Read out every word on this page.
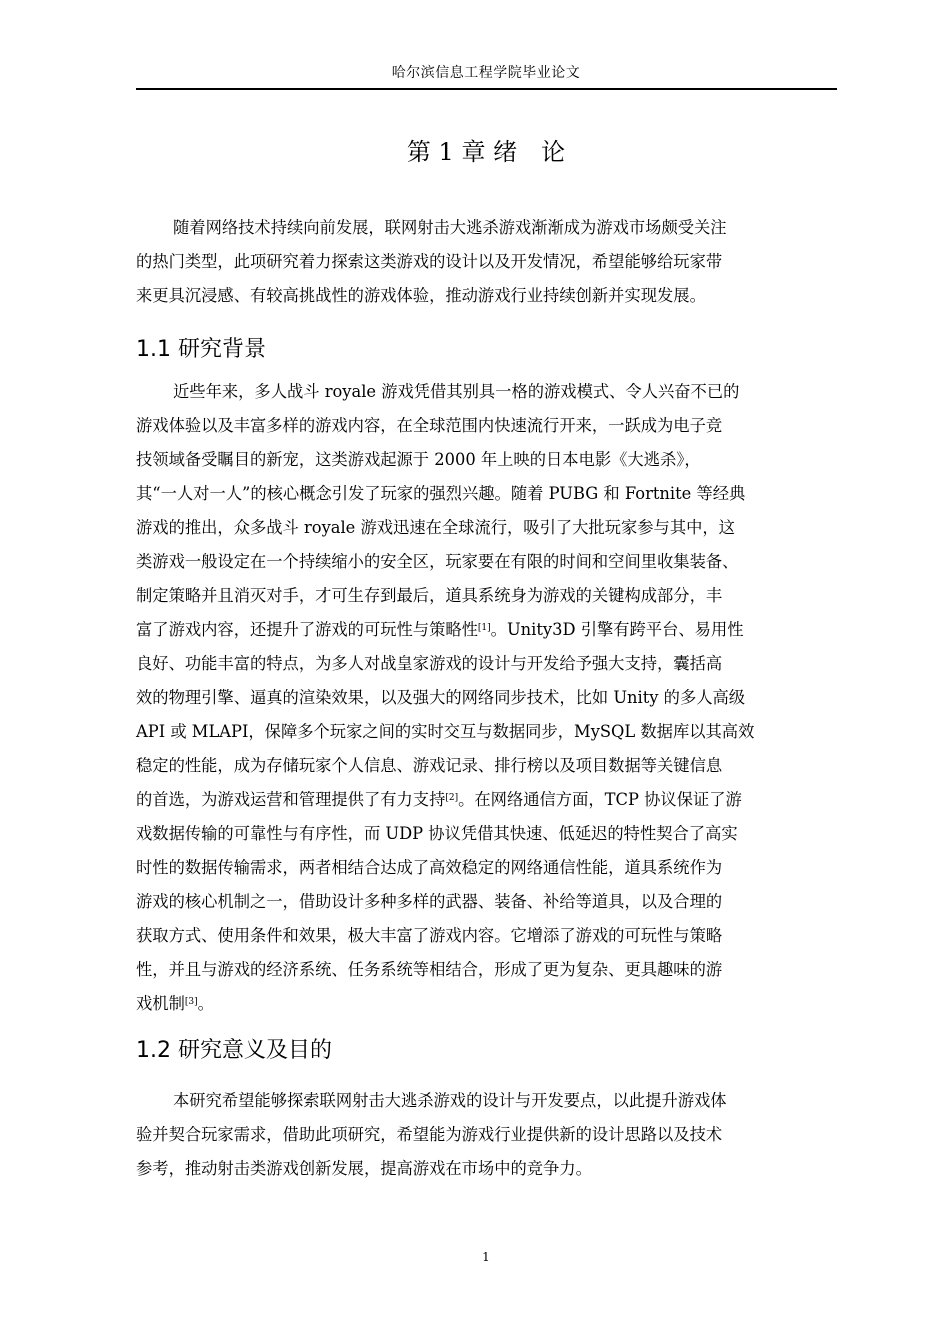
哈尔滨信息工程学院毕业论文
第 1 章 绪　论
随着网络技术持续向前发展，联网射击大逃杀游戏渐渐成为游戏市场颇受关注
的热门类型，此项研究着力探索这类游戏的设计以及开发情况，希望能够给玩家带
来更具沉浸感、有较高挑战性的游戏体验，推动游戏行业持续创新并实现发展。
1.1 研究背景
近些年来，多人战斗 royale 游戏凭借其别具一格的游戏模式、令人兴奋不已的
游戏体验以及丰富多样的游戏内容，在全球范围内快速流行开来，一跃成为电子竞
技领域备受瞩目的新宠，这类游戏起源于 2000 年上映的日本电影《大逃杀》，
其“一人对一人”的核心概念引发了玩家的强烈兴趣。随着 PUBG 和 Fortnite 等经典
游戏的推出，众多战斗 royale 游戏迅速在全球流行，吸引了大批玩家参与其中，这
类游戏一般设定在一个持续缩小的安全区，玩家要在有限的时间和空间里收集装备、
制定策略并且消灭对手，才可生存到最后，道具系统身为游戏的关键构成部分，丰
富了游戏内容，还提升了游戏的可玩性与策略性[1]。Unity3D 引擎有跨平台、易用性
良好、功能丰富的特点，为多人对战皇家游戏的设计与开发给予强大支持，囊括高
效的物理引擎、逼真的渲染效果，以及强大的网络同步技术，比如 Unity 的多人高级
API 或 MLAPI，保障多个玩家之间的实时交互与数据同步，MySQL 数据库以其高效
稳定的性能，成为存储玩家个人信息、游戏记录、排行榜以及项目数据等关键信息
的首选，为游戏运营和管理提供了有力支持[2]。在网络通信方面，TCP 协议保证了游
戏数据传输的可靠性与有序性，而 UDP 协议凭借其快速、低延迟的特性契合了高实
时性的数据传输需求，两者相结合达成了高效稳定的网络通信性能，道具系统作为
游戏的核心机制之一，借助设计多种多样的武器、装备、补给等道具，以及合理的
获取方式、使用条件和效果，极大丰富了游戏内容。它增添了游戏的可玩性与策略
性，并且与游戏的经济系统、任务系统等相结合，形成了更为复杂、更具趣味的游
戏机制[3]。
1.2 研究意义及目的
本研究希望能够探索联网射击大逃杀游戏的设计与开发要点，以此提升游戏体
验并契合玩家需求，借助此项研究，希望能为游戏行业提供新的设计思路以及技术
参考，推动射击类游戏创新发展，提高游戏在市场中的竞争力。
1
